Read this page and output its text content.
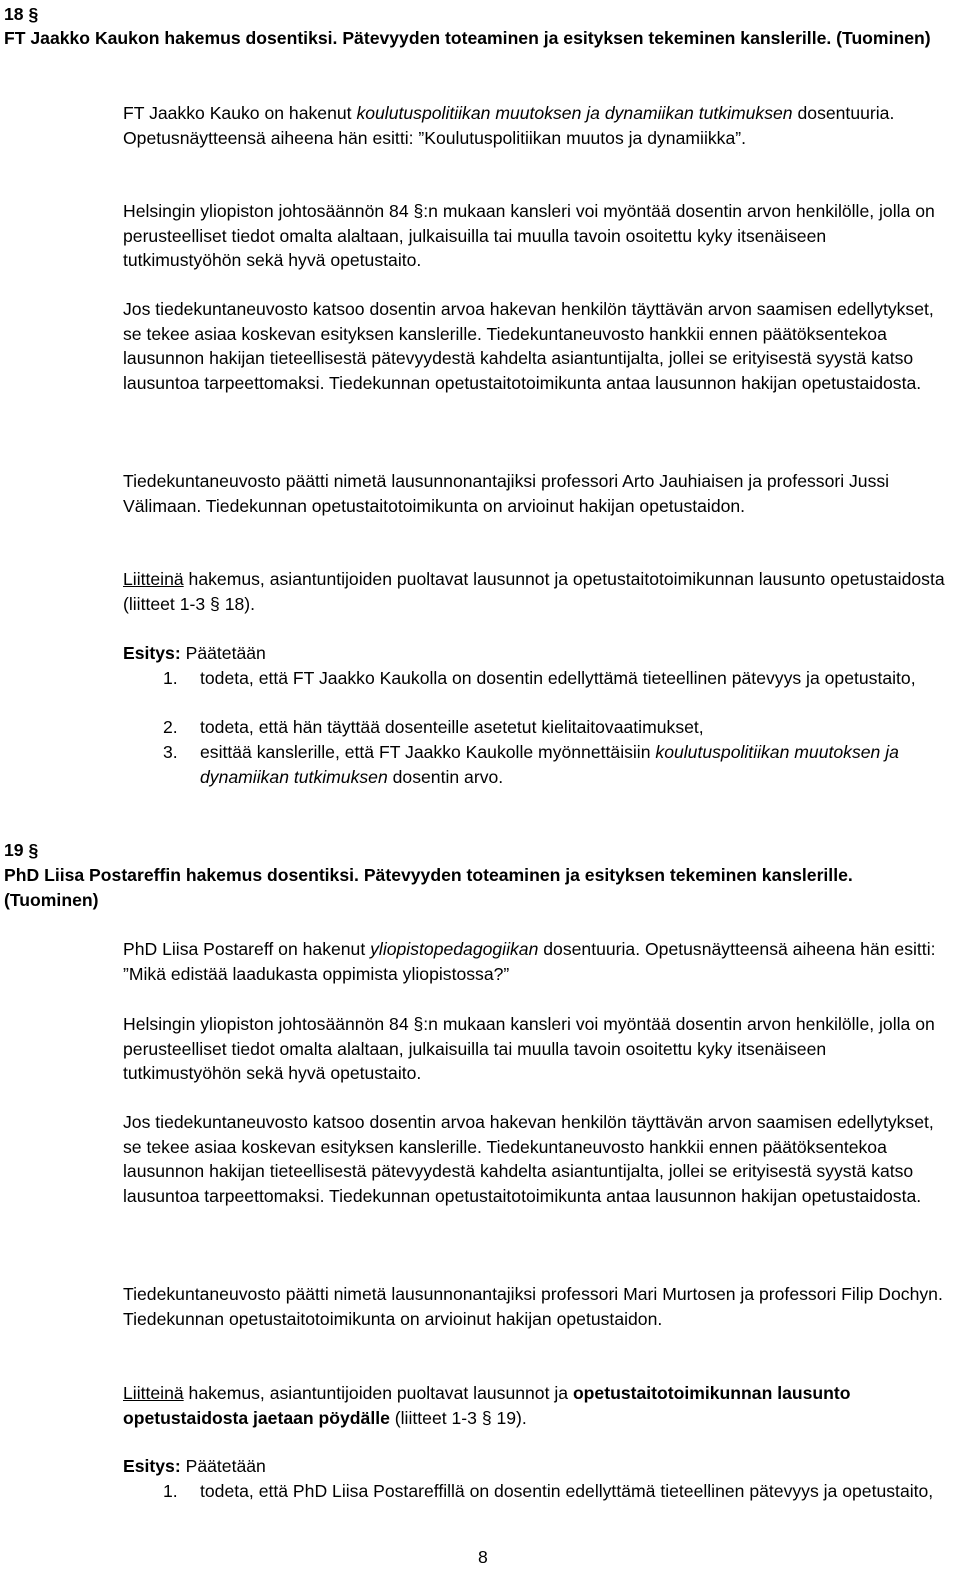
18 §
FT Jaakko Kaukon hakemus dosentiksi. Pätevyyden toteaminen ja esityksen tekeminen kanslerille. (Tuominen)
FT Jaakko Kauko on hakenut koulutuspolitiikan muutoksen ja dynamiikan tutkimuksen dosentuuria. Opetusnäytteensä aiheena hän esitti: ”Koulutuspolitiikan muutos ja dynamiikka”.
Helsingin yliopiston johtosäännön 84 §:n mukaan kansleri voi myöntää dosentin arvon henkilölle, jolla on perusteelliset tiedot omalta alaltaan, julkaisuilla tai muulla tavoin osoitettu kyky itsenäiseen tutkimustyöhön sekä hyvä opetustaito.
Jos tiedekuntaneuvosto katsoo dosentin arvoa hakevan henkilön täyttävän arvon saamisen edellytykset, se tekee asiaa koskevan esityksen kanslerille. Tiedekuntaneuvosto hankkii ennen päätöksentekoa lausunnon hakijan tieteellisestä pätevyydestä kahdelta asiantuntijalta, jollei se erityisestä syystä katso lausuntoa tarpeettomaksi. Tiedekunnan opetustaitotoimikunta antaa lausunnon hakijan opetustaidosta.
Tiedekuntaneuvosto päätti nimetä lausunnonantajiksi professori Arto Jauhiaisen ja professori Jussi Välimaan. Tiedekunnan opetustaitotoimikunta on arvioinut hakijan opetustaidon.
Liitteinä hakemus, asiantuntijoiden puoltavat lausunnot ja opetustaitotoimikunnan lausunto opetustaidosta (liitteet 1-3 § 18).
Esitys: Päätetään
1. todeta, että FT Jaakko Kaukolla on dosentin edellyttämä tieteellinen pätevyys ja opetustaito,
2. todeta, että hän täyttää dosenteille asetetut kielitaitovaatimukset,
3. esittää kanslerille, että FT Jaakko Kaukolle myönnettäisiin koulutuspolitiikan muutoksen ja dynamiikan tutkimuksen dosentin arvo.
19 §
PhD Liisa Postareffin hakemus dosentiksi. Pätevyyden toteaminen ja esityksen tekeminen kanslerille. (Tuominen)
PhD Liisa Postareff on hakenut yliopistopedagogiikan dosentuuria. Opetusnäytteensä aiheena hän esitti: ”Mikä edistää laadukasta oppimista yliopistossa?”
Helsingin yliopiston johtosäännön 84 §:n mukaan kansleri voi myöntää dosentin arvon henkilölle, jolla on perusteelliset tiedot omalta alaltaan, julkaisuilla tai muulla tavoin osoitettu kyky itsenäiseen tutkimustyöhön sekä hyvä opetustaito.
Jos tiedekuntaneuvosto katsoo dosentin arvoa hakevan henkilön täyttävän arvon saamisen edellytykset, se tekee asiaa koskevan esityksen kanslerille. Tiedekuntaneuvosto hankkii ennen päätöksentekoa lausunnon hakijan tieteellisestä pätevyydestä kahdelta asiantuntijalta, jollei se erityisestä syystä katso lausuntoa tarpeettomaksi. Tiedekunnan opetustaitotoimikunta antaa lausunnon hakijan opetustaidosta.
Tiedekuntaneuvosto päätti nimetä lausunnonantajiksi professori Mari Murtosen ja professori Filip Dochyn. Tiedekunnan opetustaitotoimikunta on arvioinut hakijan opetustaidon.
Liitteinä hakemus, asiantuntijoiden puoltavat lausunnot ja opetustaitotoimikunnan lausunto opetustaidosta jaetaan pöydälle (liitteet 1-3 § 19).
Esitys: Päätetään
1. todeta, että PhD Liisa Postareffillä on dosentin edellyttämä tieteellinen pätevyys ja opetustaito,
8
